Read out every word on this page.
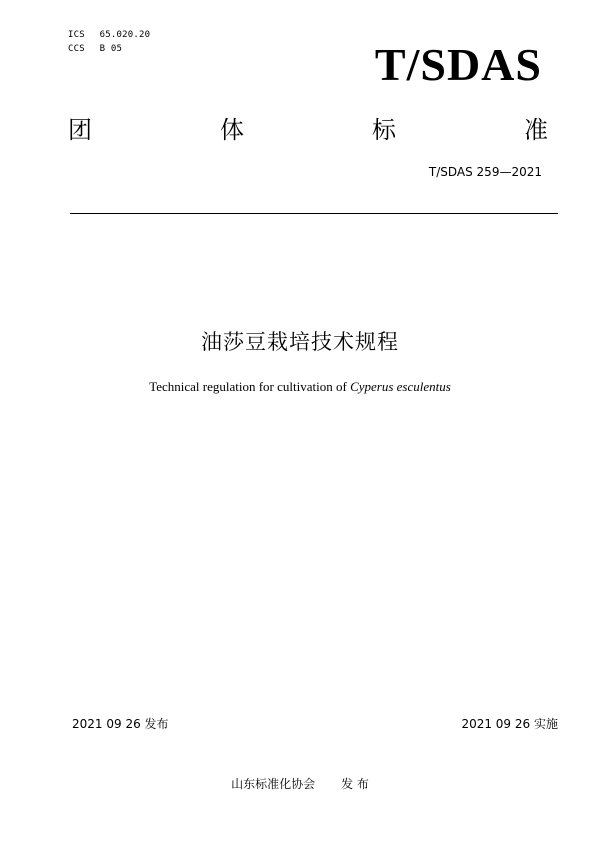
ICS 65.020.20
CCS B 05	T/SDAS
团	体	标	准
T/SDAS 259—2021
油莎豆栽培技术规程
Technical regulation for cultivation of Cyperus esculentus
2021 09 26 发布	2021 09 26 实施
山东标准化协会 发 布
